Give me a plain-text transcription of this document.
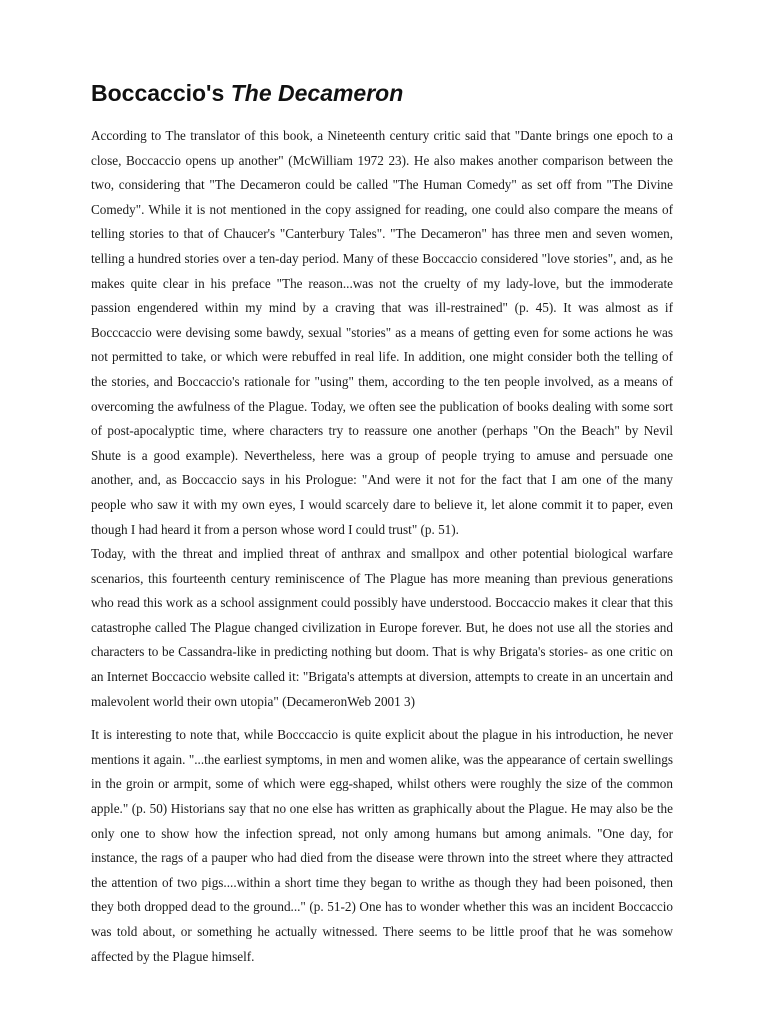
Boccaccio's The Decameron

According to The translator of this book, a Nineteenth century critic said that "Dante brings one epoch to a close, Boccaccio opens up another" (McWilliam 1972 23). He also makes another comparison between the two, considering that "The Decameron could be called "The Human Comedy" as set off from "The Divine Comedy". While it is not mentioned in the copy assigned for reading, one could also compare the means of telling stories to that of Chaucer's "Canterbury Tales". "The Decameron" has three men and seven women, telling a hundred stories over a ten-day period. Many of these Boccaccio considered "love stories", and, as he makes quite clear in his preface "The reason...was not the cruelty of my lady-love, but the immoderate passion engendered within my mind by a craving that was ill-restrained" (p. 45). It was almost as if Bocccaccio were devising some bawdy, sexual "stories" as a means of getting even for some actions he was not permitted to take, or which were rebuffed in real life. In addition, one might consider both the telling of the stories, and Boccaccio's rationale for "using" them, according to the ten people involved, as a means of overcoming the awfulness of the Plague. Today, we often see the publication of books dealing with some sort of post-apocalyptic time, where characters try to reassure one another (perhaps "On the Beach" by Nevil Shute is a good example). Nevertheless, here was a group of people trying to amuse and persuade one another, and, as Boccaccio says in his Prologue: "And were it not for the fact that I am one of the many people who saw it with my own eyes, I would scarcely dare to believe it, let alone commit it to paper, even though I had heard it from a person whose word I could trust" (p. 51).

Today, with the threat and implied threat of anthrax and smallpox and other potential biological warfare scenarios, this fourteenth century reminiscence of The Plague has more meaning than previous generations who read this work as a school assignment could possibly have understood. Boccaccio makes it clear that this catastrophe called The Plague changed civilization in Europe forever. But, he does not use all the stories and characters to be Cassandra-like in predicting nothing but doom. That is why Brigata's stories- as one critic on an Internet Boccaccio website called it: "Brigata's attempts at diversion, attempts to create in an uncertain and malevolent world their own utopia" (DecameronWeb 2001 3)

It is interesting to note that, while Bocccaccio is quite explicit about the plague in his introduction, he never mentions it again. "...the earliest symptoms, in men and women alike, was the appearance of certain swellings in the groin or armpit, some of which were egg-shaped, whilst others were roughly the size of the common apple." (p. 50) Historians say that no one else has written as graphically about the Plague. He may also be the only one to show how the infection spread, not only among humans but among animals. "One day, for instance, the rags of a pauper who had died from the disease were thrown into the street where they attracted the attention of two pigs....within a short time they began to writhe as though they had been poisoned, then they both dropped dead to the ground..." (p. 51-2) One has to wonder whether this was an incident Boccaccio was told about, or something he actually witnessed. There seems to be little proof that he was somehow affected by the Plague himself.
